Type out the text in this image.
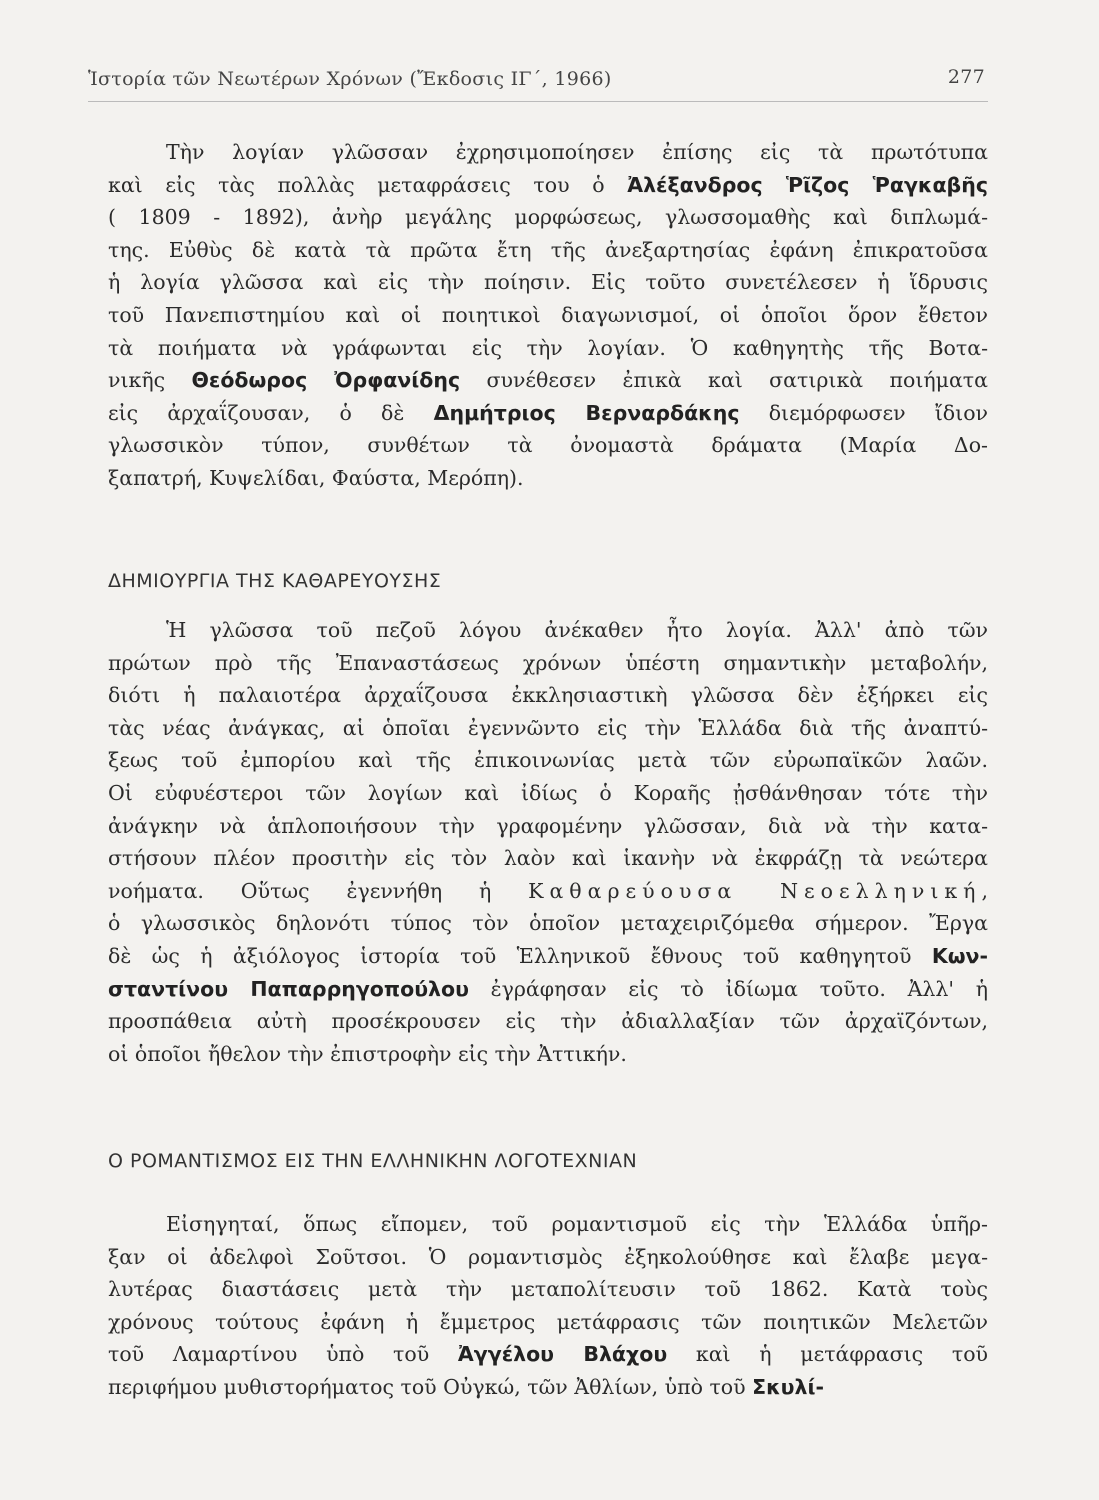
Ἱστορία τῶν Νεωτέρων Χρόνων (Ἔκδοσις ΙΓ΄, 1966)	277

Τὴν λογίαν γλῶσσαν ἐχρησιμοποίησεν ἐπίσης εἰς τὰ πρωτότυπα

καὶ εἰς τὰς πολλὰς μεταφράσεις του ὁ Ἀλέξανδρος Ῥῖζος Ῥαγκαβῆς

( 1809 - 1892), ἀνὴρ μεγάλης μορφώσεως, γλωσσομαθὴς καὶ διπλωμά-

της. Εὐθὺς δὲ κατὰ τὰ πρῶτα ἔτη τῆς ἀνεξαρτησίας ἐφάνη ἐπικρατοῦσα

ἡ λογία γλῶσσα καὶ εἰς τὴν ποίησιν. Εἰς τοῦτο συνετέλεσεν ἡ ἵδρυσις

τοῦ Πανεπιστημίου καὶ οἱ ποιητικοὶ διαγωνισμοί, οἱ ὁποῖοι ὅρον ἔθετον

τὰ ποιήματα νὰ γράφωνται εἰς τὴν λογίαν. Ὁ καθηγητὴς τῆς Βοτα-

νικῆς Θεόδωρος Ὀρφανίδης συνέθεσεν ἐπικὰ καὶ σατιρικὰ ποιήματα

εἰς ἀρχαΐζουσαν, ὁ δὲ Δημήτριος Βερναρδάκης διεμόρφωσεν ἴδιον

γλωσσικὸν τύπον, συνθέτων τὰ ὀνομαστὰ δράματα (Μαρία Δο-

ξαπατρή, Κυψελίδαι, Φαύστα, Μερόπη).

ΔΗΜΙΟΥΡΓΙΑ ΤΗΣ ΚΑΘΑΡΕΥΟΥΣΗΣ

Ἡ γλῶσσα τοῦ πεζοῦ λόγου ἀνέκαθεν ἦτο λογία. Ἀλλ' ἀπὸ τῶν

πρώτων πρὸ τῆς Ἐπαναστάσεως χρόνων ὑπέστη σημαντικὴν μεταβολήν,

διότι ἡ παλαιοτέρα ἀρχαΐζουσα ἐκκλησιαστικὴ γλῶσσα δὲν ἐξήρκει εἰς

τὰς νέας ἀνάγκας, αἱ ὁποῖαι ἐγεννῶντο εἰς τὴν Ἑλλάδα διὰ τῆς ἀναπτύ-

ξεως τοῦ ἐμπορίου καὶ τῆς ἐπικοινωνίας μετὰ τῶν εὐρωπαϊκῶν λαῶν.

Οἱ εὐφυέστεροι τῶν λογίων καὶ ἰδίως ὁ Κοραῆς ᾐσθάνθησαν τότε τὴν

ἀνάγκην νὰ ἁπλοποιήσουν τὴν γραφομένην γλῶσσαν, διὰ νὰ τὴν κατα-

στήσουν πλέον προσιτὴν εἰς τὸν λαὸν καὶ ἱκανὴν νὰ ἐκφράζῃ τὰ νεώτερα

νοήματα. Οὕτως ἐγεννήθη ἡ Καθαρεύουσα Νεοελληνική,

ὁ γλωσσικὸς δηλονότι τύπος τὸν ὁποῖον μεταχειριζόμεθα σήμερον. Ἔργα

δὲ ὡς ἡ ἀξιόλογος ἱστορία τοῦ Ἑλληνικοῦ ἔθνους τοῦ καθηγητοῦ Κων-

σταντίνου Παπαρρηγοπούλου ἐγράφησαν εἰς τὸ ἰδίωμα τοῦτο. Ἀλλ' ἡ

προσπάθεια αὐτὴ προσέκρουσεν εἰς τὴν ἀδιαλλαξίαν τῶν ἀρχαϊζόντων,

οἱ ὁποῖοι ἤθελον τὴν ἐπιστροφὴν εἰς τὴν Ἀττικήν.

Ο ΡΟΜΑΝΤΙΣΜΟΣ ΕΙΣ ΤΗΝ ΕΛΛΗΝΙΚΗΝ ΛΟΓΟΤΕΧΝΙΑΝ

Εἰσηγηταί, ὅπως εἴπομεν, τοῦ ρομαντισμοῦ εἰς τὴν Ἑλλάδα ὑπῆρ-

ξαν οἱ ἀδελφοὶ Σοῦτσοι. Ὁ ρομαντισμὸς ἐξηκολούθησε καὶ ἔλαβε μεγα-

λυτέρας διαστάσεις μετὰ τὴν μεταπολίτευσιν τοῦ 1862. Κατὰ τοὺς

χρόνους τούτους ἐφάνη ἡ ἔμμετρος μετάφρασις τῶν ποιητικῶν Μελετῶν

τοῦ Λαμαρτίνου ὑπὸ τοῦ Ἀγγέλου Βλάχου καὶ ἡ μετάφρασις τοῦ

περιφήμου μυθιστορήματος τοῦ Οὐγκώ, τῶν Ἀθλίων, ὑπὸ τοῦ Σκυλί-
